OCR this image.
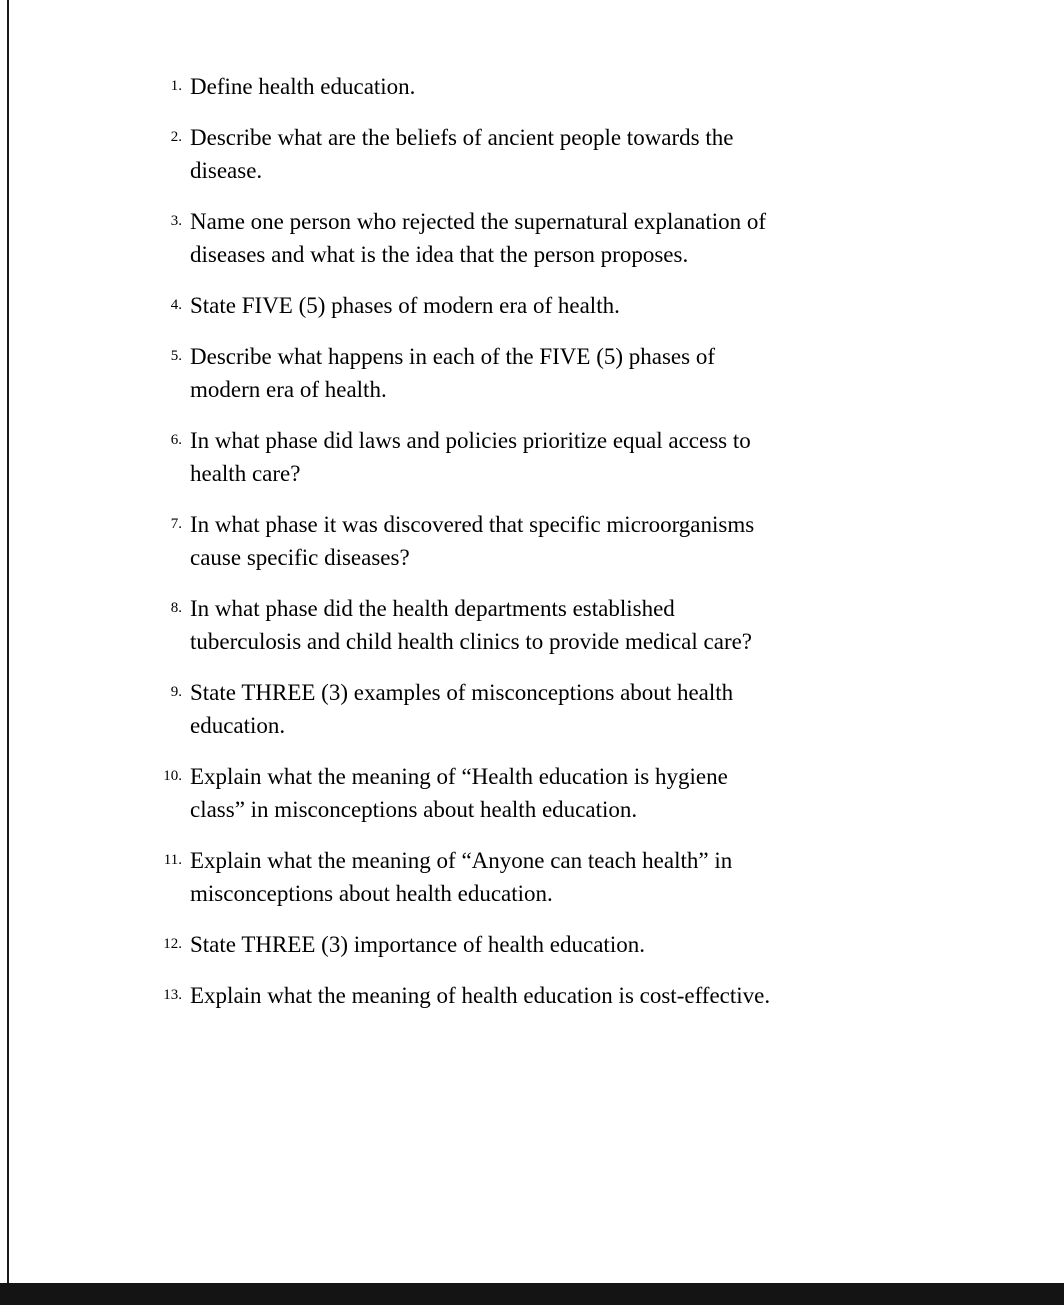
1. Define health education.
2. Describe what are the beliefs of ancient people towards the
disease.
3. Name one person who rejected the supernatural explanation of
diseases and what is the idea that the person proposes.
4. State FIVE (5) phases of modern era of health.
5. Describe what happens in each of the FIVE (5) phases of
modern era of health.
6. In what phase did laws and policies prioritize equal access to
health care?
7. In what phase it was discovered that specific microorganisms
cause specific diseases?
8. In what phase did the health departments established
tuberculosis and child health clinics to provide medical care?
9. State THREE (3) examples of misconceptions about health
education.
10. Explain what the meaning of “Health education is hygiene
class” in misconceptions about health education.
11. Explain what the meaning of “Anyone can teach health” in
misconceptions about health education.
12. State THREE (3) importance of health education.
13. Explain what the meaning of health education is cost-effective.
